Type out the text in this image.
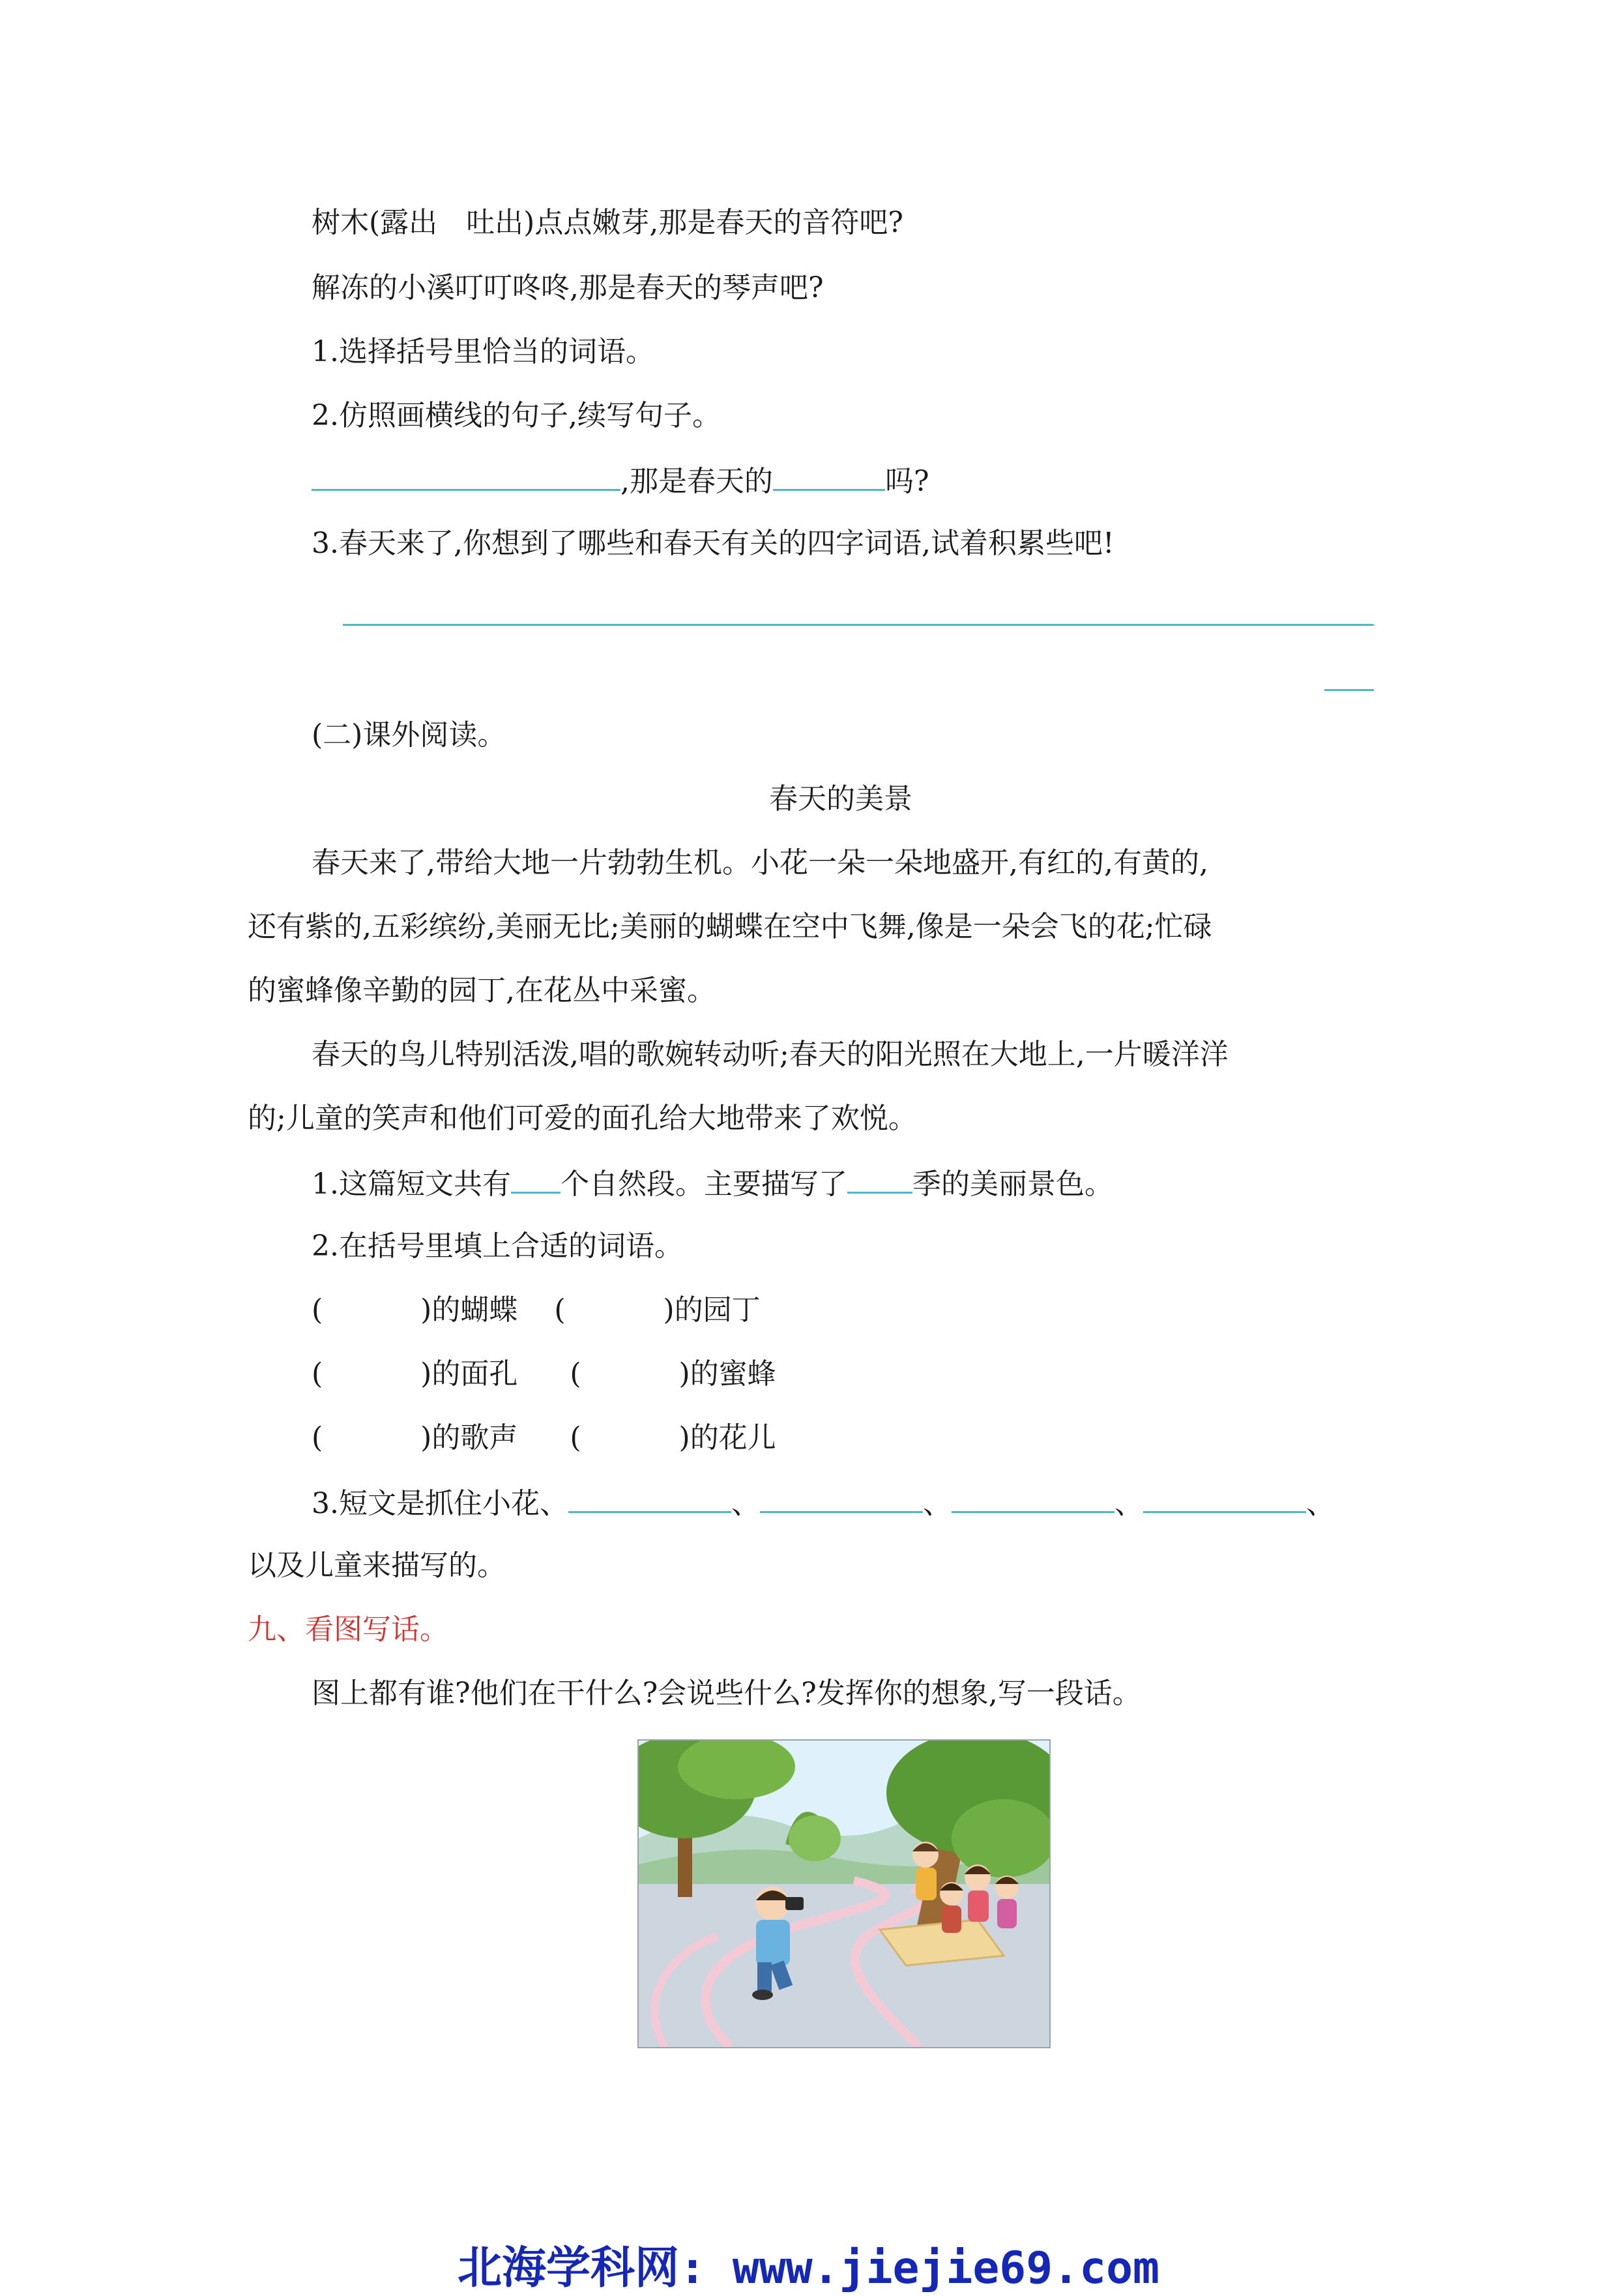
树木(露出 吐出)点点嫩芽,那是春天的音符吧?
解冻的小溪叮叮咚咚,那是春天的琴声吧?
1.选择括号里恰当的词语。
2.仿照画横线的句子,续写句子。
,那是春天的	吗?
3.春天来了,你想到了哪些和春天有关的四字词语,试着积累些吧!
(二)课外阅读。
春天的美景
春天来了,带给大地一片勃勃生机。小花一朵一朵地盛开,有红的,有黄的,
还有紫的,五彩缤纷,美丽无比;美丽的蝴蝶在空中飞舞,像是一朵会飞的花;忙碌
的蜜蜂像辛勤的园丁,在花丛中采蜜。
春天的鸟儿特别活泼,唱的歌婉转动听;春天的阳光照在大地上,一片暖洋洋
的;儿童的笑声和他们可爱的面孔给大地带来了欢悦。
1.这篇短文共有 个自然段。主要描写了 季的美丽景色。
2.在括号里填上合适的词语。
(	)的蝴蝶 (	)的园丁
(	)的面孔 (	)的蜜蜂
(	)的歌声 (	)的花儿
3.短文是抓住小花、	、	、	、	、
以及儿童来描写的。
九、看图写话。
图上都有谁?他们在干什么?会说些什么?发挥你的想象,写一段话。
北海学科网: www.jiejie69.com
